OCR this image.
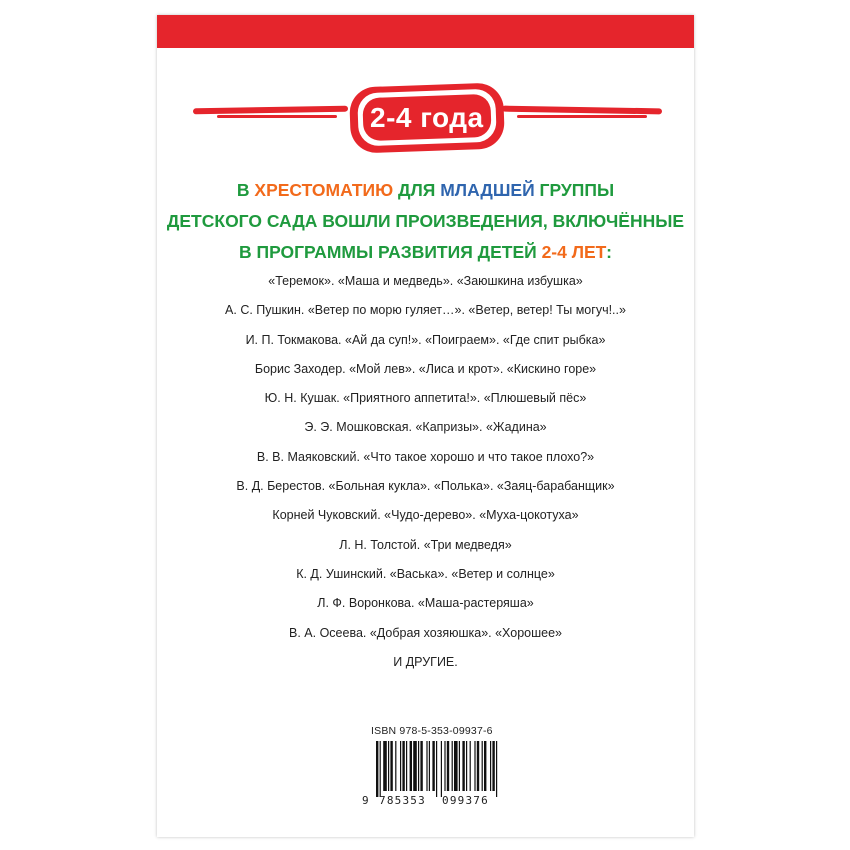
2-4 года
В ХРЕСТОМАТИЮ ДЛЯ МЛАДШЕЙ ГРУППЫ
ДЕТСКОГО САДА ВОШЛИ ПРОИЗВЕДЕНИЯ, ВКЛЮЧЁННЫЕ
В ПРОГРАММЫ РАЗВИТИЯ ДЕТЕЙ 2-4 ЛЕТ:
«Теремок». «Маша и медведь». «Заюшкина избушка»
А. С. Пушкин. «Ветер по морю гуляет…». «Ветер, ветер! Ты могуч!..»
И. П. Токмакова. «Ай да суп!». «Поиграем». «Где спит рыбка»
Борис Заходер. «Мой лев». «Лиса и крот». «Кискино горе»
Ю. Н. Кушак. «Приятного аппетита!». «Плюшевый пёс»
Э. Э. Мошковская. «Капризы». «Жадина»
В. В. Маяковский. «Что такое хорошо и что такое плохо?»
В. Д. Берестов. «Больная кукла». «Полька». «Заяц-барабанщик»
Корней Чуковский. «Чудо-дерево». «Муха-цокотуха»
Л. Н. Толстой. «Три медведя»
К. Д. Ушинский. «Васька». «Ветер и солнце»
Л. Ф. Воронкова. «Маша-растеряша»
В. А. Осеева. «Добрая хозяюшка». «Хорошее»
И ДРУГИЕ.
ISBN 978-5-353-09937-6
9 785353 099376
